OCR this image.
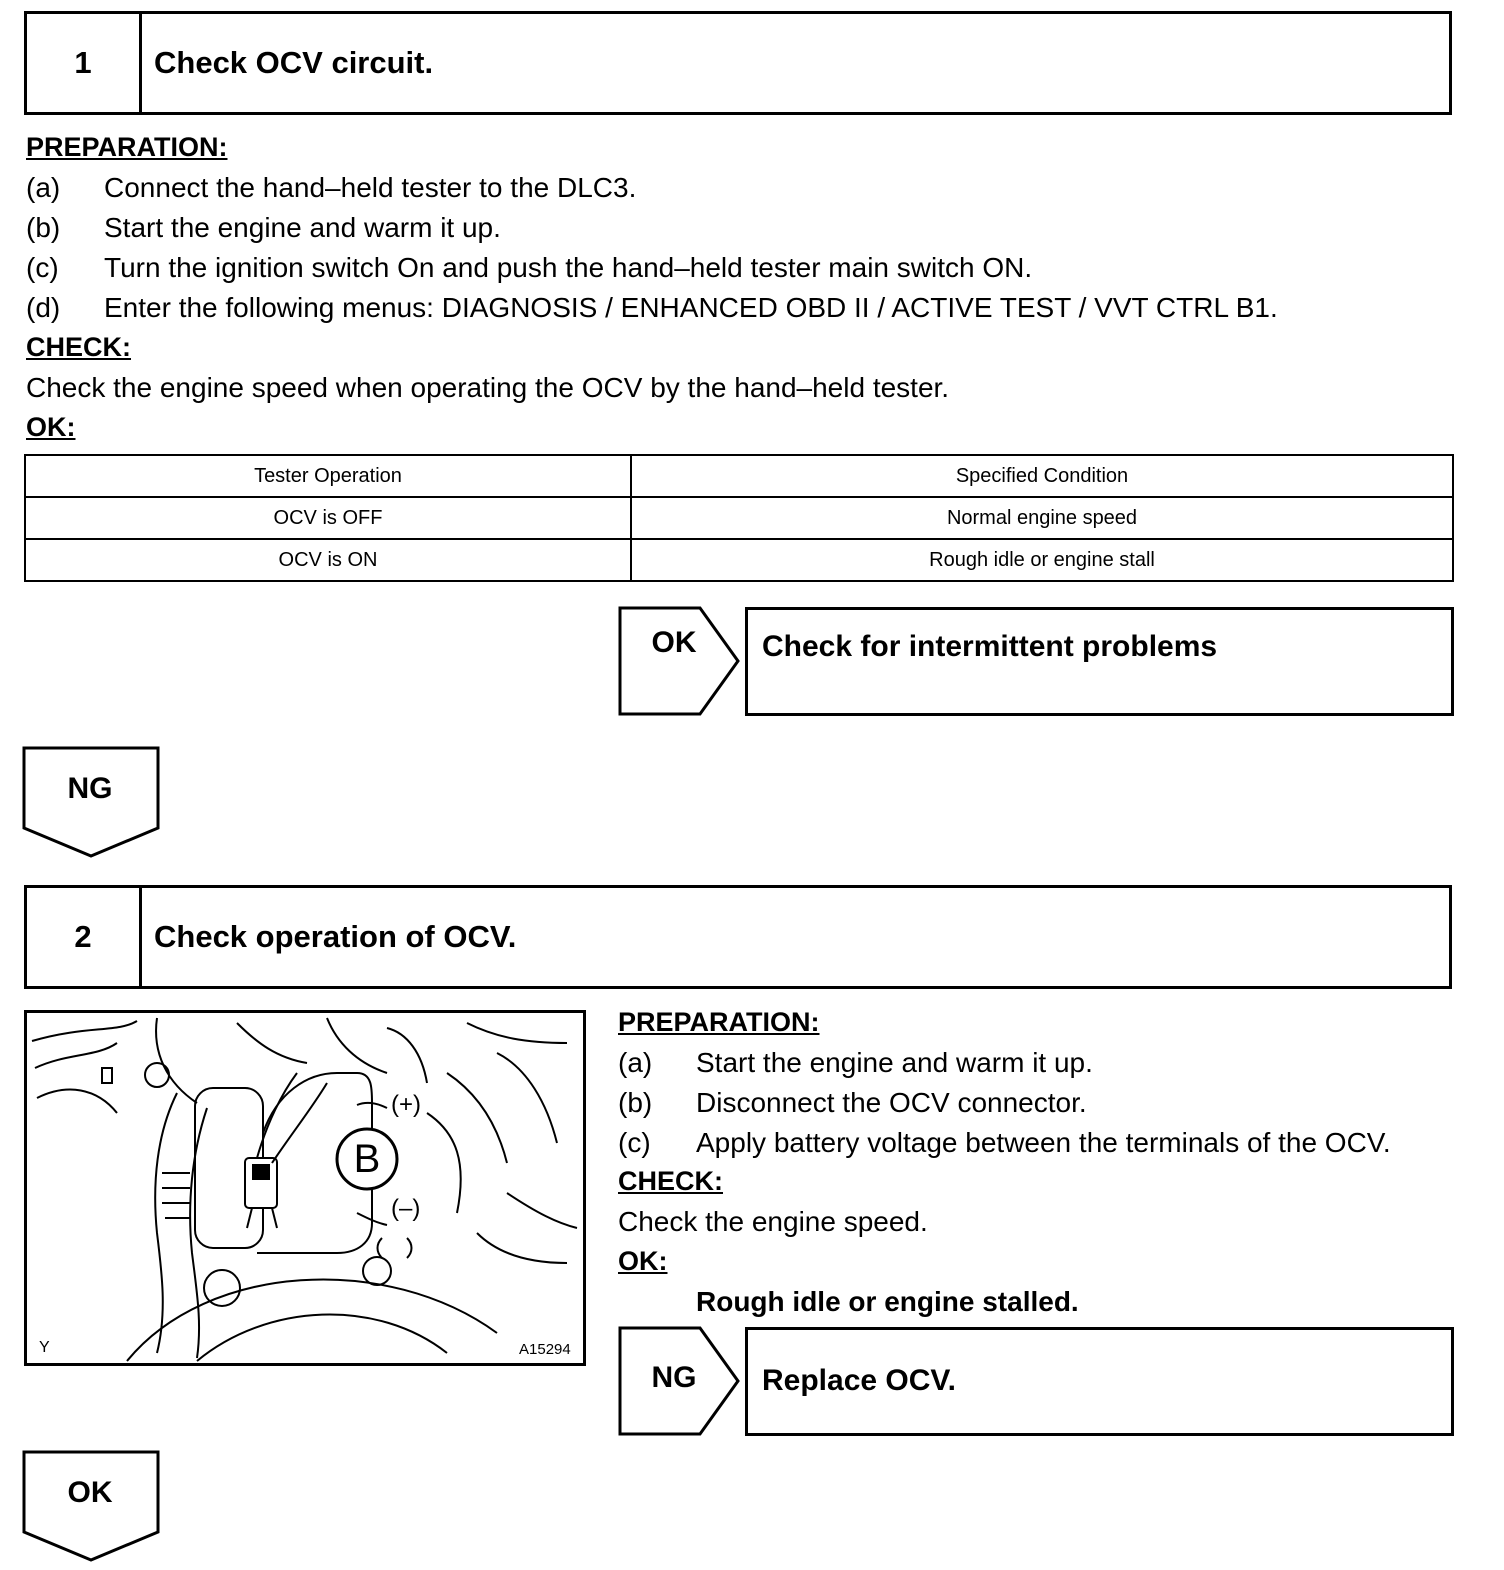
1	Check OCV circuit.
PREPARATION:
(a) Connect the hand–held tester to the DLC3.
(b) Start the engine and warm it up.
(c) Turn the ignition switch On and push the hand–held tester main switch ON.
(d) Enter the following menus: DIAGNOSIS / ENHANCED OBD II / ACTIVE TEST / VVT CTRL B1.
CHECK:
Check the engine speed when operating the OCV by the hand–held tester.
OK:
Tester Operation	Specified Condition
OCV is OFF	Normal engine speed
OCV is ON	Rough idle or engine stall
OK	Check for intermittent problems
NG
2	Check operation of OCV.
B
(+)
(–)
Y	A15294
PREPARATION:
(a) Start the engine and warm it up.
(b) Disconnect the OCV connector.
(c) Apply battery voltage between the terminals of the OCV.
CHECK:
Check the engine speed.
OK:
Rough idle or engine stalled.
NG	Replace OCV.
OK
